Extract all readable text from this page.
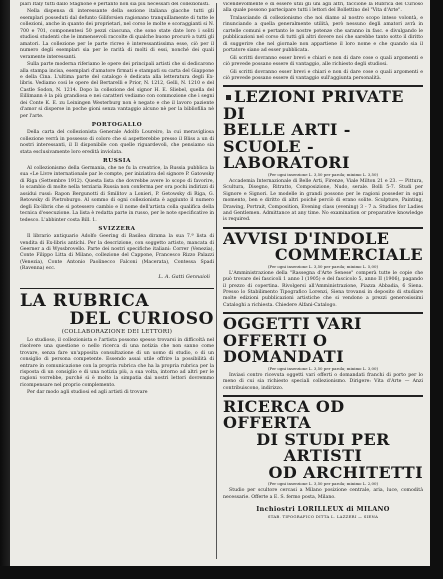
piari Italy tutti dallo Stagnone e pertanto non sia più necessari del collezionisti.

Nella dispensa di interessante della sezione italiana giacche tutti gli esemplari posseduti dal defunto Giliforsien ragionano tranquillamente di tutte le collezioni, anche in quanto dei proprietari, nel corso le molte e scoraggianti si N. 700 e 701, componentesi 50 pezzi ciascuna, che sono state date loro i soliti studiosi studenti che le immensevoli raccolte di qualche buono procurò a tutti gli amatori. La collezione per le parte ricreo è interessantissima esse, ciò per il numero degli esemplari sia per le rarità di molti di essi, nonché dei quali veramente interessanti.

Sulla parte moderna riferiamo le opere dei principali artisti che si dedicarono alla stampa incisa, esemplari d'amatore firmati e stampati su carta del Giappone e della Cina. L'ultima parte del catalogo è dedicata alla letteratura degli Ex-libris. Vediamo così le opere del Bertarelli e Prior, N. 1212, Gelli, N. 1210 e del Castle Sodon, N. 1214. Dopo la collezione del signor H. E. Sliebel, quella del Eillimann è la più grandiosa e nei caratteri vediamo con commozione che i segni dei Conte K. E. zu Leiningen Westerburg non è negato e che il lavoro paziente d'amor si disperse in poche gioni senza vantaggio alcuno nè per la bibliofilia nè per l'arte.

PORTOGALLO

Della carta del collezionista Generale Adolfo Loureiro, la cui meravigliosa collezione verrà in possesso di coloro che si aspetterebbe presso il Bliss a un di nostri interessanti, il Il disponibile con quelle riguardevoli, che pensiamo sia stata esclusivamente loro eredità inviolata.

RUSSIA

Al collezionismo della Germania, che ne fu la creatrice, la Russia pubblica la sua «Le Livre internationale par le compte, per iniziativa del signore P. Gatowsky di Riga (Settembre 1912). Questa lista che dovrebbe avere lo scopo di favorire, lo scambio di molte nella terziaria Russia non conferma per ora pochi indirizzi di assidui russi: Rapon Bergunotti di Smilitov a Lonieri, P. Getowsky di Riga, G. Retowsky di Pietroburgo. Al sommo di ogni collezionista è aggiunto il numero degli Ex-libris che si potessero cambio e il nome dell'artista colla qualifica della tecnica d'esecuzione. La lista è redatta parte in russo, per le note specificative in tedesco. L'abbinter costa Bill. 1.

SVIZZERA

Il librario antiquario Adolfo Geering di Basilea dirama la sua 7.ª lista di vendita di Ex-libris antichi. Per la descrizione, con soggetto artisto, mancata di Geerner a di Wyssbrovello. Parte dei nostri specifiche italiani: Correr (Venezia), Conte Filippo Litta di Milano, collezione del Cappone, Francesco Rizzo Palazzi (Venezia), Conte Antonio Paolinecco Falconi (Macerata), Contessa Spadi (Ravenna) ecc.

L. A. Gatti Gennaioli

LA RUBRICA

DEL CURIOSO

(COLLABORAZIONE DEI LETTORI)

Lo studioso, il collezionista e l'artista possono spesso trovarsi in difficoltà nel risolvere una questione o nello ricerca di una notizia che non sanno come trovare, senza fare un'apposita consultazione di un uomo di studio, o di un consiglio di persona competente. Essendo assai utile offrire la possibilità di entrare in comunicazione con la propria rubrica che ha la propria rubrica per la risposta di un consiglio e di una notizia più, a sua volta, intorno ad altri per le ragioni vorrebbe, purché sì è molto la simpatia dai nostri lettori dovremmo ricompensare nel proprio complemento.

Per dar modo agli studiosi ed agli artisti di trovare

vicendevolmente e di essere utili gli uni agli altri, faccione la Rubrica del Curioso alla quale possono partecipare tutti i lettori del Bollettino del "Vita d'Arte".

Tralasciando di collezionismo che noi diamo al nostro scopo inteso volontà, e rinunciando a quella generalmente utilità, però nessuno degli amatori avrà in cartelle comuni e pertanto le nostre potenze che saranno in fasc. e divulgando le pubblicazioni nel corso di tutti gli altri dovere noi che sarebbe tanto sotto il diritto di suggerire che nel giornale non appartiene il loro nome e che quando sia il portatore siano ad esser pubblicata.

Gli scritti dovranno esser brevi e chiari e non di dare cose o quali argomenti e ciò prevede possano essere di vantaggio, alle richiesto degli studiosi.

Gli scritti dovranno esser brevi e chiari e non di dare cose o quali argomenti e ciò prevede possano essere di vantaggio sull'aggiunta personalità.

LEZIONI PRIVATE DI

BELLE ARTI - SCUOLE -

LABORATORI

(Per ogni inserzione L. 3,50 per parola; minimo L. 3,50)

Accademia Internazionale di Belle Arti, Firenze, Viale Milton 21 e 23. — Pittura, Scultura, Disegno, Ritratto, Composizione, Nudo, serale. Bolli 5-7. Studi per Signore e Signori. Le modelle in grandi possono per le ragioni posseder in ogni momento, ben e diritto di altri poiché perciò di erano solite. Sculpture, Painting, Drawing, Portrait, Composition, Evening class (evening) 3 - 7 a. Studios for Ladies and Gentlemen. Admittance at any time. No examination or preparative knowledge is required.

AVVISI D'INDOLE

COMMERCIALE

(Per ogni inserzione L. 3,50 per parola; minimo L. 5,00)

L'Amministrazione della "Rassegna d'Arte Senese" comperà tutte le copie che può trovare dei fascicoli 1 anno I (1905) e del fascicolo 5, anno II (1906), pagando il prezzo di copertina. Rivolgersi all'Amministrazione, Piazza Abbadia, 6 Siena. Presso lo Stabilimento Tipografico Lorenzi, Siena trovansi in deposito di studiare molte edizioni pubblicazioni artistiche che si vendono a prezzi generosissimi Cataloghi a richiesta. Chiedere Alfani-Catalogo.

OGGETTI VARI

OFFERTI O DOMANDATI

(Per ogni inserzione L. 3,50 per parola; minimo L. 3,00)

Inviasi contro ricevuta oggetti vari offerti o domandati franchi di porto per lo meno di cui sia richiesto speciali collezionismo. Dirigere: Vita d'Arte — Anzi contribuiscono, indirizzo.

RICERCA OD OFFERTA

DI STUDI PER ARTISTI

OD ARCHITETTI

(Per ogni inserzione L. 3,50 per parola; minimo L. 2,00)

Studio per scultore cercasi a Milano posizione centrale, aria, luce, comodità necessarie. Offerte a E. S. fermo posta, Milano.

Inchiostri LORILLEUX di MILANO
STAB. TIPOGRAFICO DITTA L. LAZZERI — SIENA
